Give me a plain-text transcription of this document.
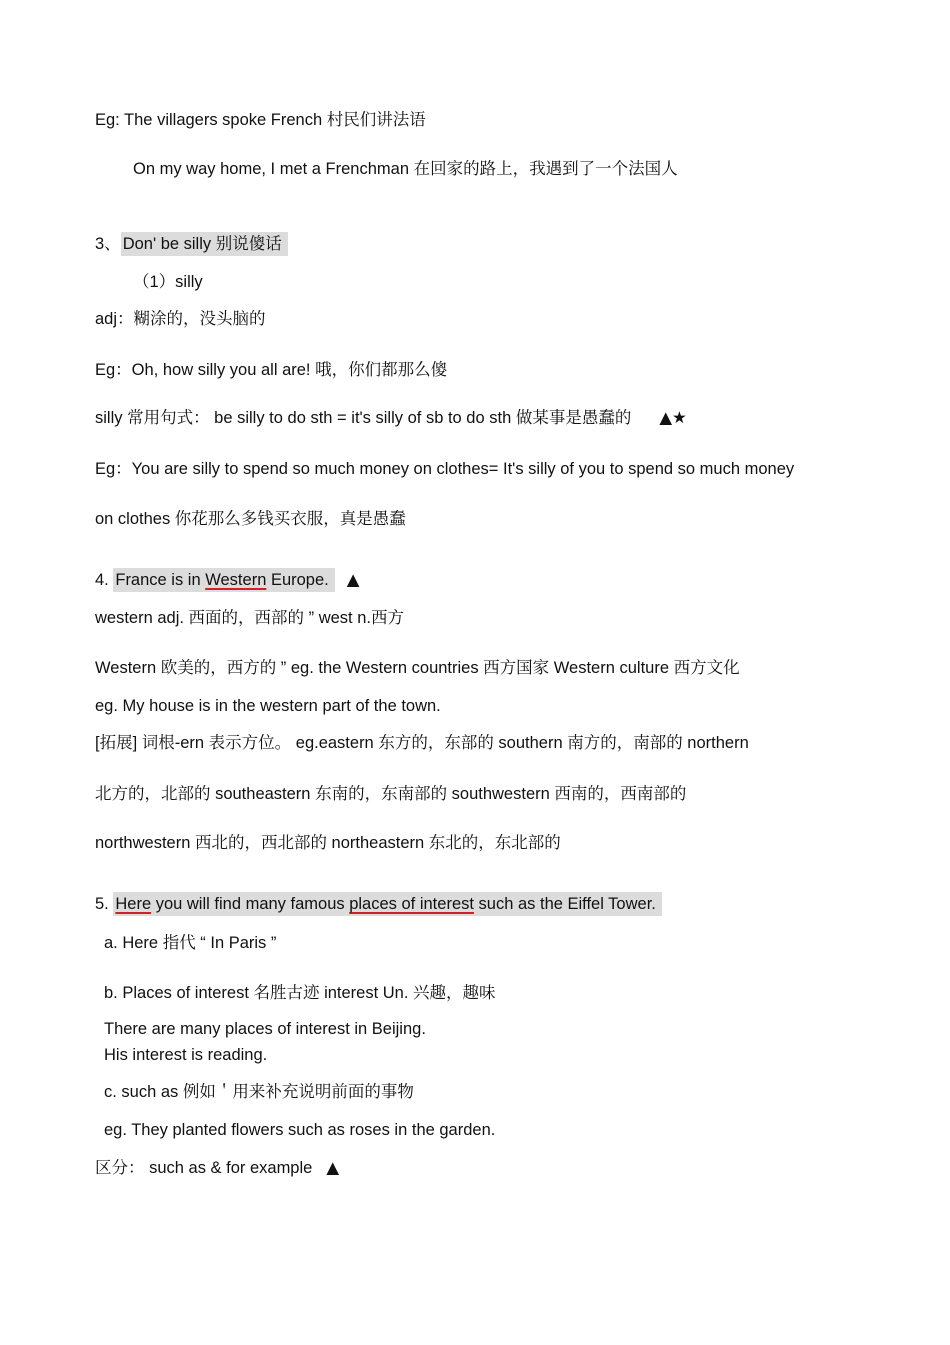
Eg: The villagers spoke French 村民们讲法语
On my way home, I met a Frenchman 在回家的路上，我遇到了一个法国人
3、 Don' be silly 别说傻话
（1）silly
adj：糊涂的，没头脑的
Eg：Oh, how silly you all are! 哦，你们都那么傻
silly 常用句式： be silly to do sth = it's silly of sb to do sth 做某事是愚蠢的 ▲★
Eg：You are silly to spend so much money on clothes= It's silly of you to spend so much money
on clothes 你花那么多钱买衣服，真是愚蠢
4. France is in Western Europe. ▲
western adj. 西面的，西部的 ” west n.西方
Western 欧美的，西方的 ” eg. the Western countries 西方国家 Western culture 西方文化
eg. My house is in the western part of the town.
[拓展] 词根-ern 表示方位。 eg.eastern 东方的，东部的 southern 南方的，南部的 northern
北方的，北部的 southeastern 东南的，东南部的 southwestern 西南的，西南部的
northwestern 西北的，西北部的 northeastern 东北的，东北部的
5. Here you will find many famous places of interest such as the Eiffel Tower.
a. Here 指代 “ In Paris ”
b. Places of interest 名胜古迹 interest Un. 兴趣，趣味
There are many places of interest in Beijing.
His interest is reading.
c. such as 例如＇用来补充说明前面的事物
eg. They planted flowers such as roses in the garden.
区分： such as & for example ▲
